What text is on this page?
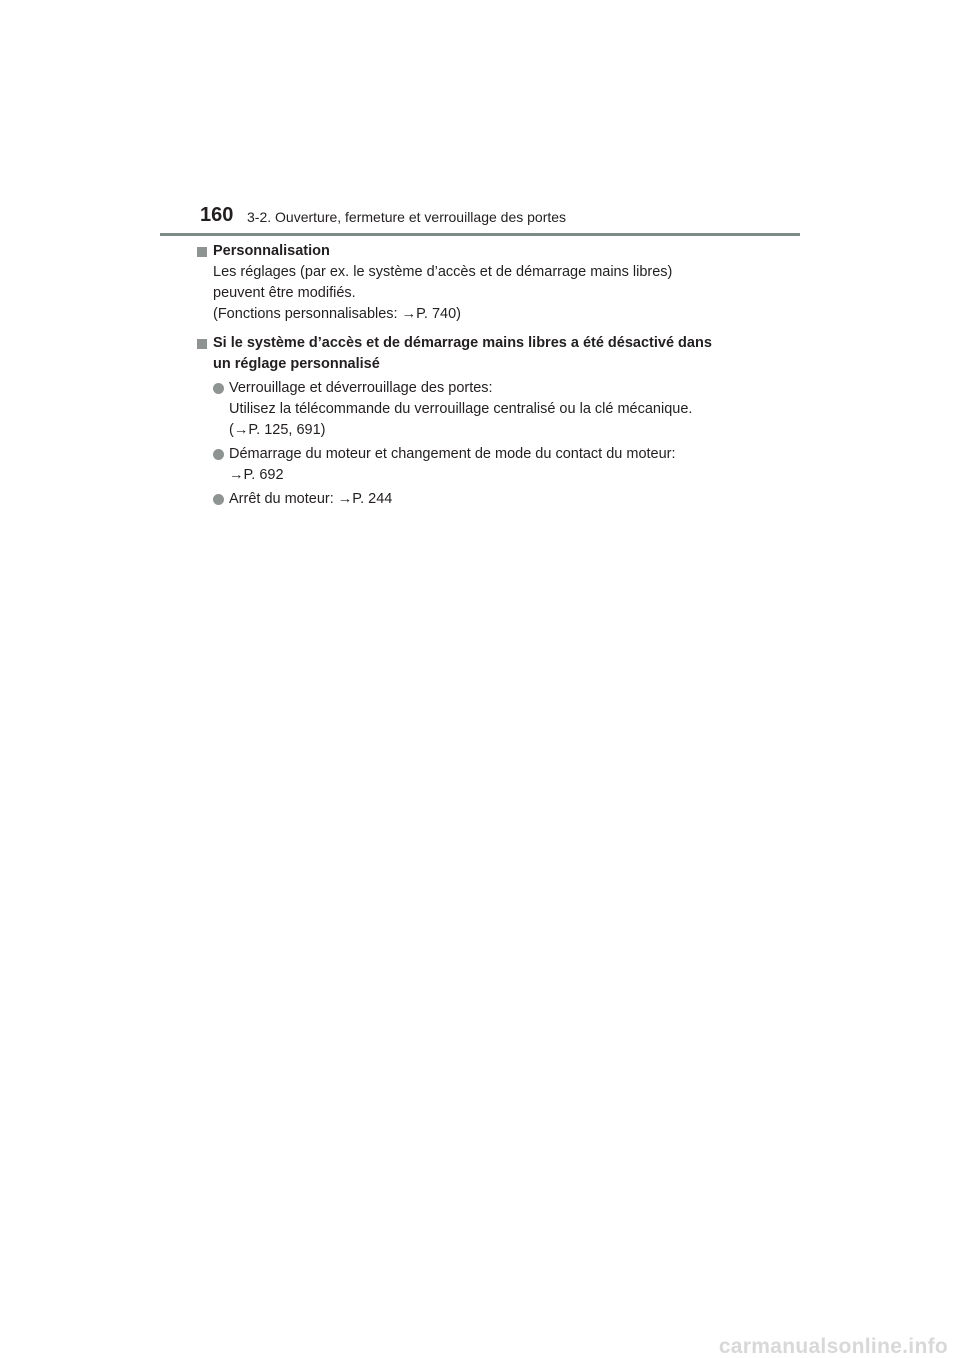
160 3-2. Ouverture, fermeture et verrouillage des portes
Personnalisation
Les réglages (par ex. le système d’accès et de démarrage mains libres)
peuvent être modifiés.
(Fonctions personnalisables: →P. 740)
Si le système d’accès et de démarrage mains libres a été désactivé dans
un réglage personnalisé
Verrouillage et déverrouillage des portes:
Utilisez la télécommande du verrouillage centralisé ou la clé mécanique.
(→P. 125, 691)
Démarrage du moteur et changement de mode du contact du moteur:
→P. 692
Arrêt du moteur: →P. 244
carmanualsonline.info
